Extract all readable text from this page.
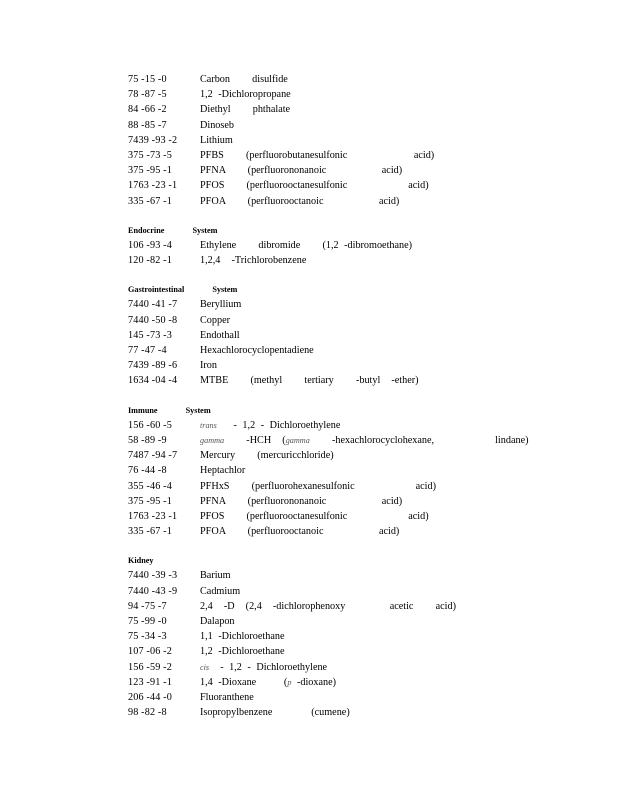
75 -15 -0	Carbon    disulfide
78 -87 -5	1,2 -Dichloropropane
84 -66 -2	Diethyl    phthalate
88 -85 -7	Dinoseb
7439 -93 -2 Lithium
375 -73 -5	PFBS    (perfluorobutanesulfonic            acid)
375 -95 -1	PFNA    (perfluorononanoic          acid)
1763 -23 -1 PFOS    (perfluorooctanesulfonic           acid)
335 -67 -1	PFOA    (perfluorooctanoic          acid)
Endocrine	System
106 -93 -4	Ethylene    dibromide    (1,2 -dibromoethane)
120 -82 -1	1,2,4  -Trichlorobenzene
Gastrointestinal	System
7440 -41 -7 Beryllium
7440 -50 -8 Copper
145 -73 -3	Endothall
77 -47 -4	Hexachlorocyclopentadiene
7439 -89 -6 Iron
1634 -04 -4 MTBE    (methyl    tertiary    -butyl  -ether)
Immune	System
156 -60 -5	trans   - 1,2 - Dichloroethylene
58 -89 -9	gamma    -HCH  (gamma    -hexachlorocyclohexane,           lindane)
7487 -94 -7 Mercury    (mercuricchloride)
76 -44 -8	Heptachlor
355 -46 -4	PFHxS    (perfluorohexanesulfonic           acid)
375 -95 -1	PFNA    (perfluorononanoic          acid)
1763 -23 -1 PFOS    (perfluorooctanesulfonic           acid)
335 -67 -1	PFOA    (perfluorooctanoic          acid)
Kidney
7440 -39 -3 Barium
7440 -43 -9 Cadmium
94 -75 -7	2,4  -D  (2,4  -dichlorophenoxy        acetic    acid)
75 -99 -0	Dalapon
75 -34 -3	1,1 -Dichloroethane
107 -06 -2	1,2 -Dichloroethane
156 -59 -2	cis  - 1,2 - Dichloroethylene
123 -91 -1	1,4 -Dioxane     (p -dioxane)
206 -44 -0	Fluoranthene
98 -82 -8	Isopropylbenzene       (cumene)
